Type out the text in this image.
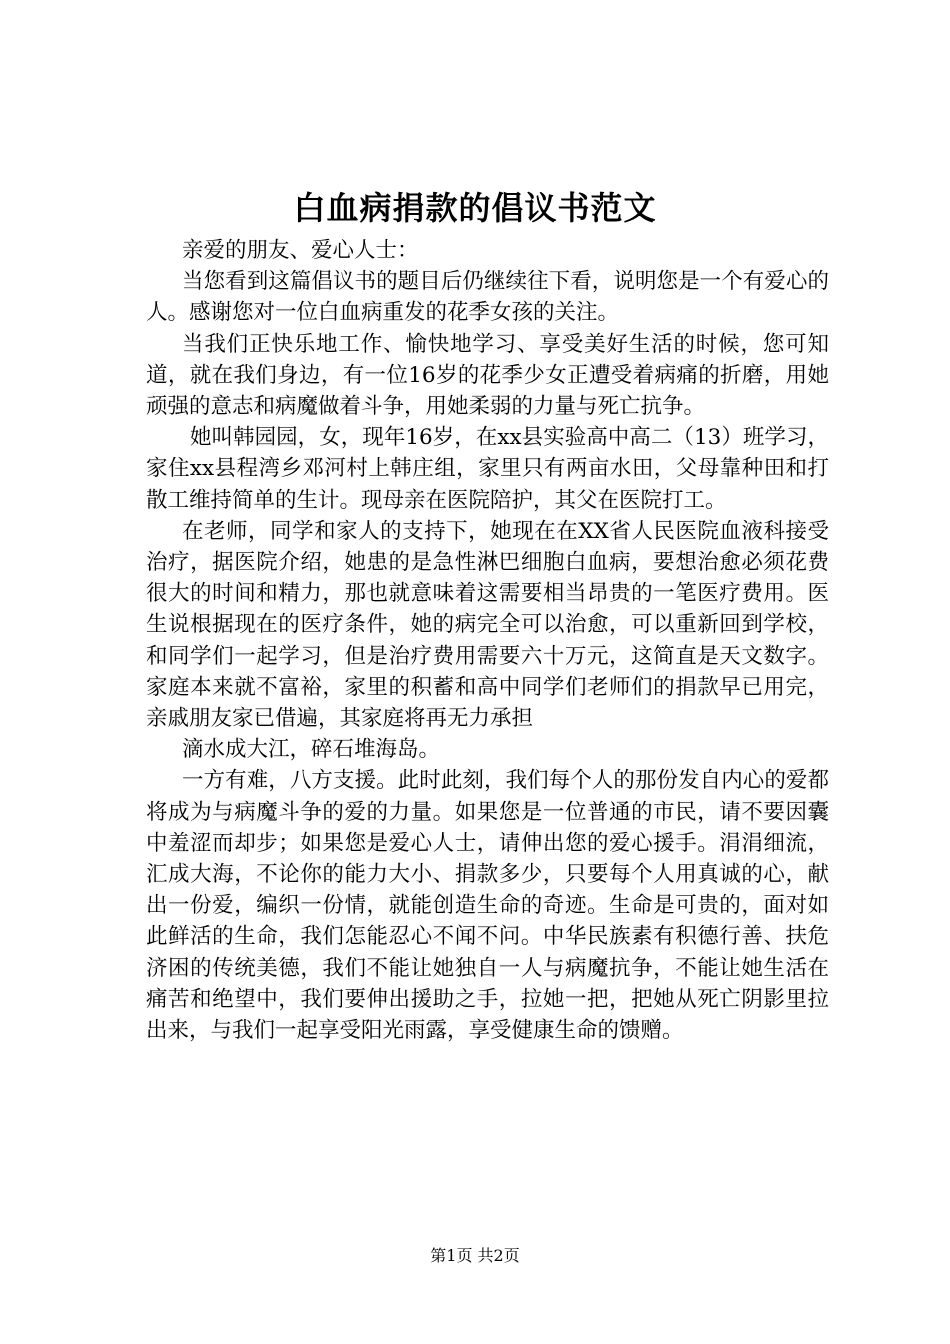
白血病捐款的倡议书范文

亲爱的朋友、爱心人士：

当您看到这篇倡议书的题目后仍继续往下看，说明您是一个有爱心的人。感谢您对一位白血病重发的花季女孩的关注。

当我们正快乐地工作、愉快地学习、享受美好生活的时候，您可知道，就在我们身边，有一位16岁的花季少女正遭受着病痛的折磨，用她顽强的意志和病魔做着斗争，用她柔弱的力量与死亡抗争。

她叫韩园园，女，现年16岁，在xx县实验高中高二（13）班学习，家住xx县程湾乡邓河村上韩庄组，家里只有两亩水田，父母靠种田和打散工维持简单的生计。现母亲在医院陪护，其父在医院打工。

在老师，同学和家人的支持下，她现在在XX省人民医院血液科接受治疗，据医院介绍，她患的是急性淋巴细胞白血病，要想治愈必须花费很大的时间和精力，那也就意味着这需要相当昂贵的一笔医疗费用。医生说根据现在的医疗条件，她的病完全可以治愈，可以重新回到学校，和同学们一起学习，但是治疗费用需要六十万元，这简直是天文数字。家庭本来就不富裕，家里的积蓄和高中同学们老师们的捐款早已用完，亲戚朋友家已借遍，其家庭将再无力承担

滴水成大江，碎石堆海岛。

一方有难，八方支援。此时此刻，我们每个人的那份发自内心的爱都将成为与病魔斗争的爱的力量。如果您是一位普通的市民，请不要因囊中羞涩而却步；如果您是爱心人士，请伸出您的爱心援手。涓涓细流，汇成大海，不论你的能力大小、捐款多少，只要每个人用真诚的心，献出一份爱，编织一份情，就能创造生命的奇迹。生命是可贵的，面对如此鲜活的生命，我们怎能忍心不闻不问。中华民族素有积德行善、扶危济困的传统美德，我们不能让她独自一人与病魔抗争，不能让她生活在痛苦和绝望中，我们要伸出援助之手，拉她一把，把她从死亡阴影里拉出来，与我们一起享受阳光雨露，享受健康生命的馈赠。

第1页 共2页
